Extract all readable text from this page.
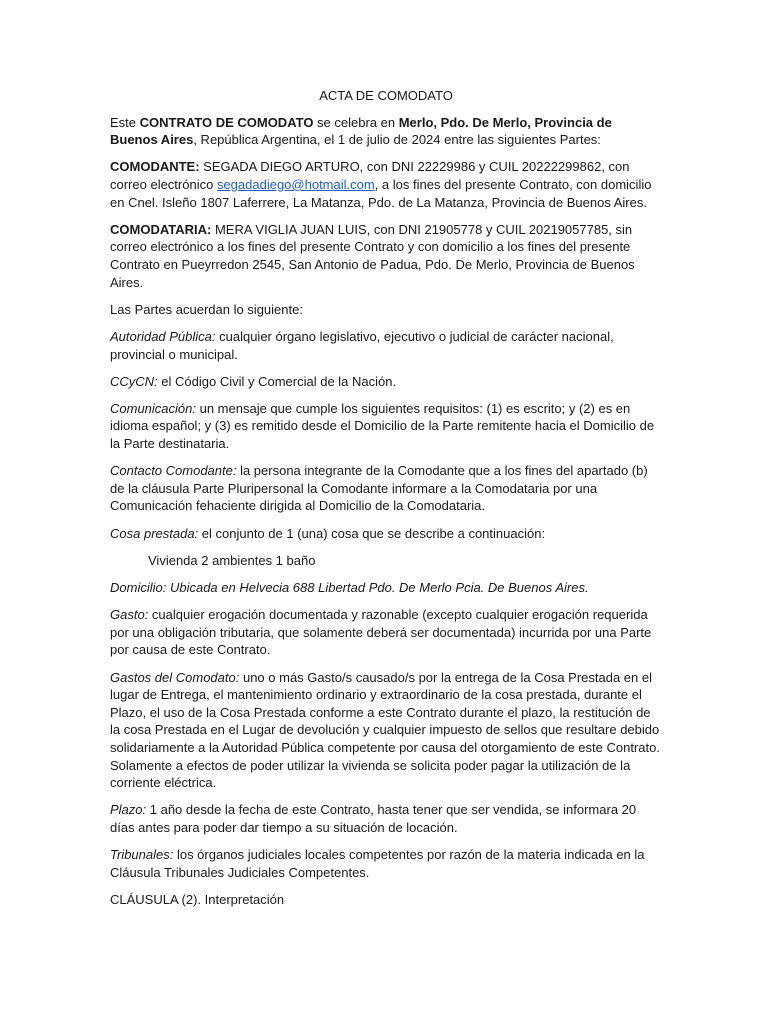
ACTA DE COMODATO

Este CONTRATO DE COMODATO se celebra en Merlo, Pdo. De Merlo, Provincia de Buenos Aires, República Argentina, el 1 de julio de 2024 entre las siguientes Partes:

COMODANTE: SEGADA DIEGO ARTURO, con DNI 22229986 y CUIL 20222299862, con correo electrónico segadadiego@hotmail.com, a los fines del presente Contrato, con domicilio en Cnel. Isleño 1807 Laferrere, La Matanza, Pdo. de La Matanza, Provincia de Buenos Aires.

COMODATARIA: MERA VIGLIA JUAN LUIS, con DNI 21905778 y CUIL 20219057785, sin correo electrónico a los fines del presente Contrato y con domicilio a los fines del presente Contrato en Pueyrredon 2545, San Antonio de Padua, Pdo. De Merlo, Provincia de Buenos Aires.

Las Partes acuerdan lo siguiente:

Autoridad Pública: cualquier órgano legislativo, ejecutivo o judicial de carácter nacional, provincial o municipal.

CCyCN: el Código Civil y Comercial de la Nación.

Comunicación: un mensaje que cumple los siguientes requisitos: (1) es escrito; y (2) es en idioma español; y (3) es remitido desde el Domicilio de la Parte remitente hacia el Domicilio de la Parte destinataria.

Contacto Comodante: la persona integrante de la Comodante que a los fines del apartado (b) de la cláusula Parte Pluripersonal la Comodante informare a la Comodataria por una Comunicación fehaciente dirigida al Domicilio de la Comodataria.

Cosa prestada: el conjunto de 1 (una) cosa que se describe a continuación:

Vivienda 2 ambientes 1 baño

Domicilio: Ubicada en Helvecia 688 Libertad Pdo. De Merlo Pcia. De Buenos Aires.

Gasto: cualquier erogación documentada y razonable (excepto cualquier erogación requerida por una obligación tributaria, que solamente deberá ser documentada) incurrida por una Parte por causa de este Contrato.

Gastos del Comodato: uno o más Gasto/s causado/s por la entrega de la Cosa Prestada en el lugar de Entrega, el mantenimiento ordinario y extraordinario de la cosa prestada, durante el Plazo, el uso de la Cosa Prestada conforme a este Contrato durante el plazo, la restitución de la cosa Prestada en el Lugar de devolución y cualquier impuesto de sellos que resultare debido solidariamente a la Autoridad Pública competente por causa del otorgamiento de este Contrato. Solamente a efectos de poder utilizar la vivienda se solicita poder pagar la utilización de la corriente eléctrica.

Plazo: 1 año desde la fecha de este Contrato, hasta tener que ser vendida, se informara 20 días antes para poder dar tiempo a su situación de locación.

Tribunales: los órganos judiciales locales competentes por razón de la materia indicada en la Cláusula Tribunales Judiciales Competentes.

CLÁUSULA (2). Interpretación
